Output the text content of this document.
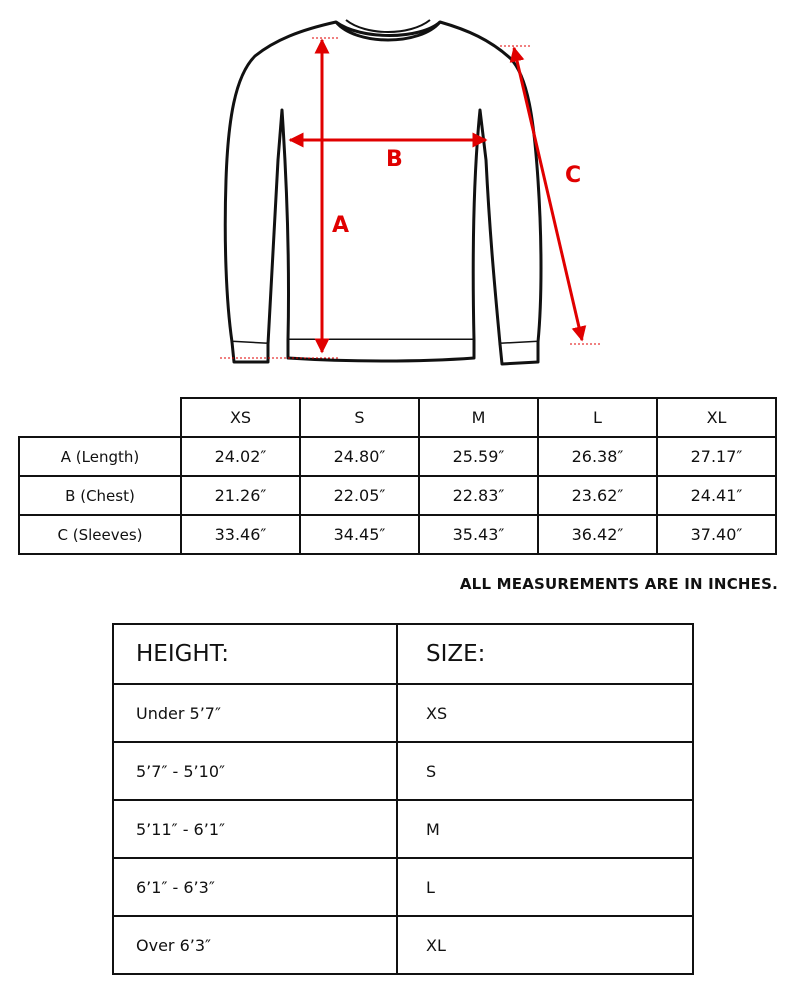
A
B
C
	XS	S	M	L	XL
A (Length)	24.02″	24.80″	25.59″	26.38″	27.17″
B (Chest)	21.26″	22.05″	22.83″	23.62″	24.41″
C (Sleeves)	33.46″	34.45″	35.43″	36.42″	37.40″
ALL MEASUREMENTS ARE IN INCHES.
HEIGHT:	SIZE:
Under 5’7″	XS
5’7″ - 5’10″	S
5’11″ - 6’1″	M
6’1″ - 6’3″	L
Over 6’3″	XL
